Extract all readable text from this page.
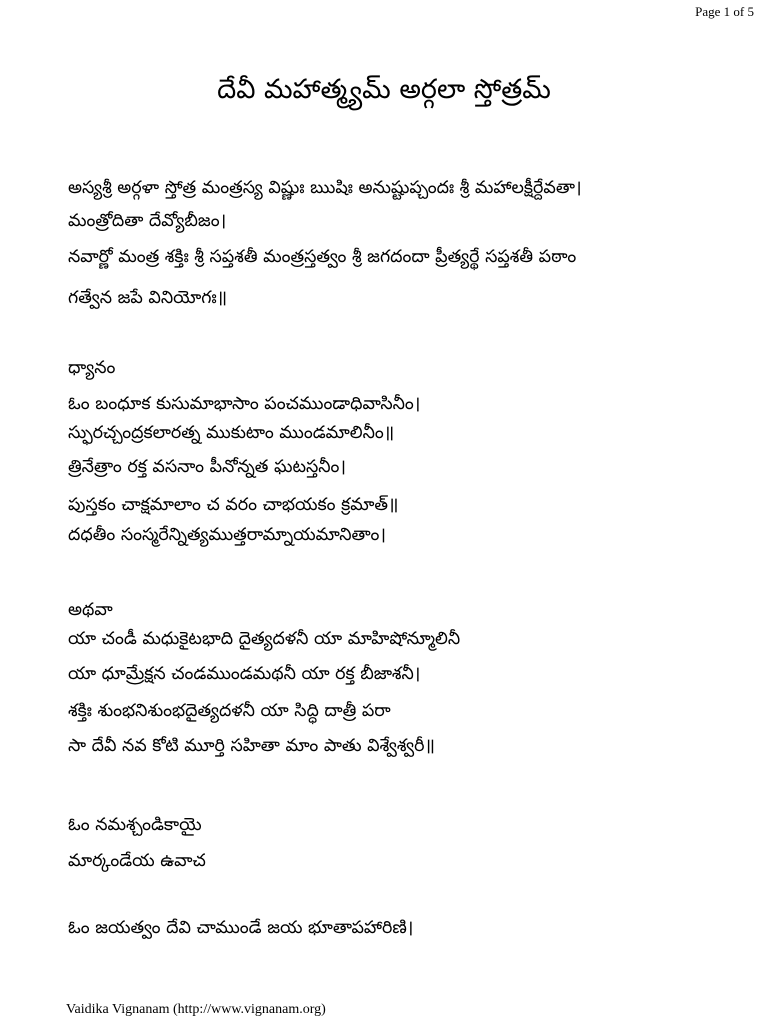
Page 1 of 5
దేవీ మహాత్మ్యమ్ అర్గలా స్తోత్రమ్
అస్యశ్రీ అర్గళా స్తోత్ర మంత్రస్య విష్ణుః ఋషిః అనుష్టుప్చందః శ్రీ మహాలక్షీర్దేవతా।
మంత్రోదితా దేవ్యోబీజం।
నవార్ణో మంత్ర శక్తిః శ్రీ సప్తశతీ మంత్రస్తత్వం శ్రీ జగదందా ప్రీత్యర్థే సప్తశతీ పఠాం
గత్వేన జపే వినియోగః॥
ధ్యానం
ఓం బంధూక కుసుమాభాసాం పంచముండాధివాసినీం।
స్ఫురచ్చంద్రకలారత్న ముకుటాం ముండమాలినీం॥
త్రినేత్రాం రక్త వసనాం పీనోన్నత ఘటస్తనీం।
పుస్తకం చాక్షమాలాం చ వరం చాభయకం క్రమాత్॥
దధతీం సంస్మరేన్నిత్యముత్తరామ్నాయమానితాం।
అథవా
యా చండీ మధుకైటభాది దైత్యదళనీ యా మాహిషోన్మూలినీ
యా ధూమ్రేక్షన చండముండమథనీ యా రక్త బీజాశనీ।
శక్తిః శుంభనిశుంభదైత్యదళనీ యా సిద్ధి దాత్రీ పరా
సా దేవీ నవ కోటి మూర్తి సహితా మాం పాతు విశ్వేశ్వరీ॥
ఓం నమశ్చండికాయై
మార్కండేయ ఉవాచ
ఓం జయత్వం దేవి చాముండే జయ భూతాపహారిణి।
Vaidika Vignanam (http://www.vignanam.org)
